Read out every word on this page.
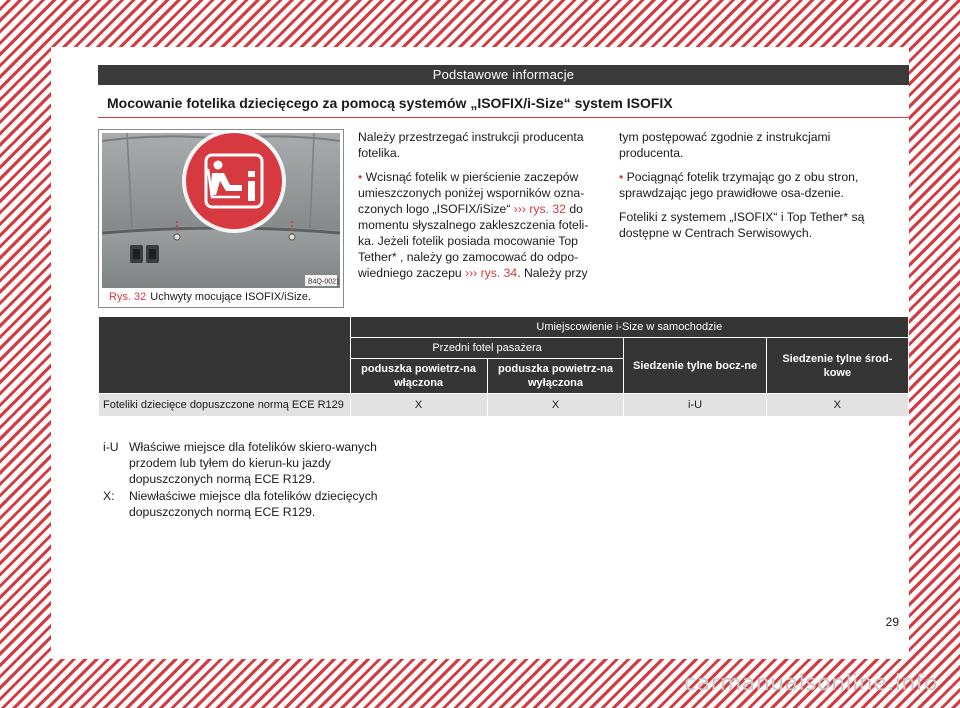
Podstawowe informacje
Mocowanie fotelika dziecięcego za pomocą systemów „ISOFIX/i-Size“ system ISOFIX
B4Q-0021
Rys. 32 Uchwyty mocujące ISOFIX/iSize.

Należy przestrzegać instrukcji producenta fotelika.

• Wcisnąć fotelik w pierścienie zaczepów umieszczonych poniżej wsporników ozna-czonych logo „ISOFIX/iSize“ ››› rys. 32 do momentu słyszalnego zakleszczenia foteli-ka. Jeżeli fotelik posiada mocowanie Top Tether* , należy go zamocować do odpo-wiedniego zaczepu ››› rys. 34. Należy przy

tym postępować zgodnie z instrukcjami producenta.

• Pociągnąć fotelik trzymając go z obu stron, sprawdzając jego prawidłowe osa-dzenie.

Foteliki z systemem „ISOFIX“ i Top Tether* są dostępne w Centrach Serwisowych.

	Umiejscowienie i-Size w samochodzie			
	Przedni fotel pasażera		Siedzenie tylne bocz-ne	Siedzenie tylne środ-kowe
	poduszka powietrz-na włączona	poduszka powietrz-na wyłączona		
Foteliki dziecięce dopuszczone normą ECE R129	X	X	i-U	X
i-U Właściwe miejsce dla fotelików skiero-wanych przodem lub tyłem do kierun-ku jazdy dopuszczonych normą ECE R129.
X:	Niewłaściwe miejsce dla fotelików dziecięcych dopuszczonych normą ECE R129.
29
carmanualsonline.info
